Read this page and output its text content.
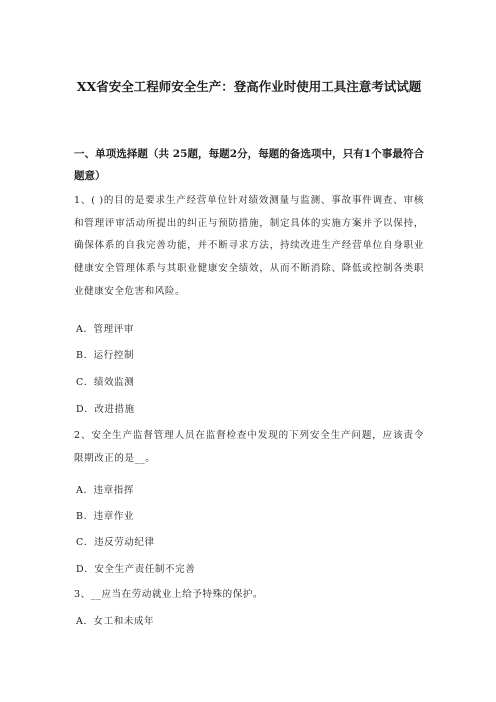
XX省安全工程师安全生产：登高作业时使用工具注意考试试题
一、单项选择题（共 25题，每题2分，每题的备选项中，只有1个事最符合题意）
1、( )的目的是要求生产经营单位针对绩效测量与监测、事故事件调查、审核和管理评审活动所提出的纠正与预防措施，制定具体的实施方案并予以保持，确保体系的自我完善功能，并不断寻求方法，持续改进生产经营单位自身职业健康安全管理体系与其职业健康安全绩效，从而不断消除、降低或控制各类职业健康安全危害和风险。
A．管理评审
B．运行控制
C．绩效监测
D．改进措施
2、安全生产监督管理人员在监督检查中发现的下列安全生产问题，应该责令限期改正的是__。
A．违章指挥
B．违章作业
C．违反劳动纪律
D．安全生产责任制不完善
3、__应当在劳动就业上给予特殊的保护。
A．女工和未成年
